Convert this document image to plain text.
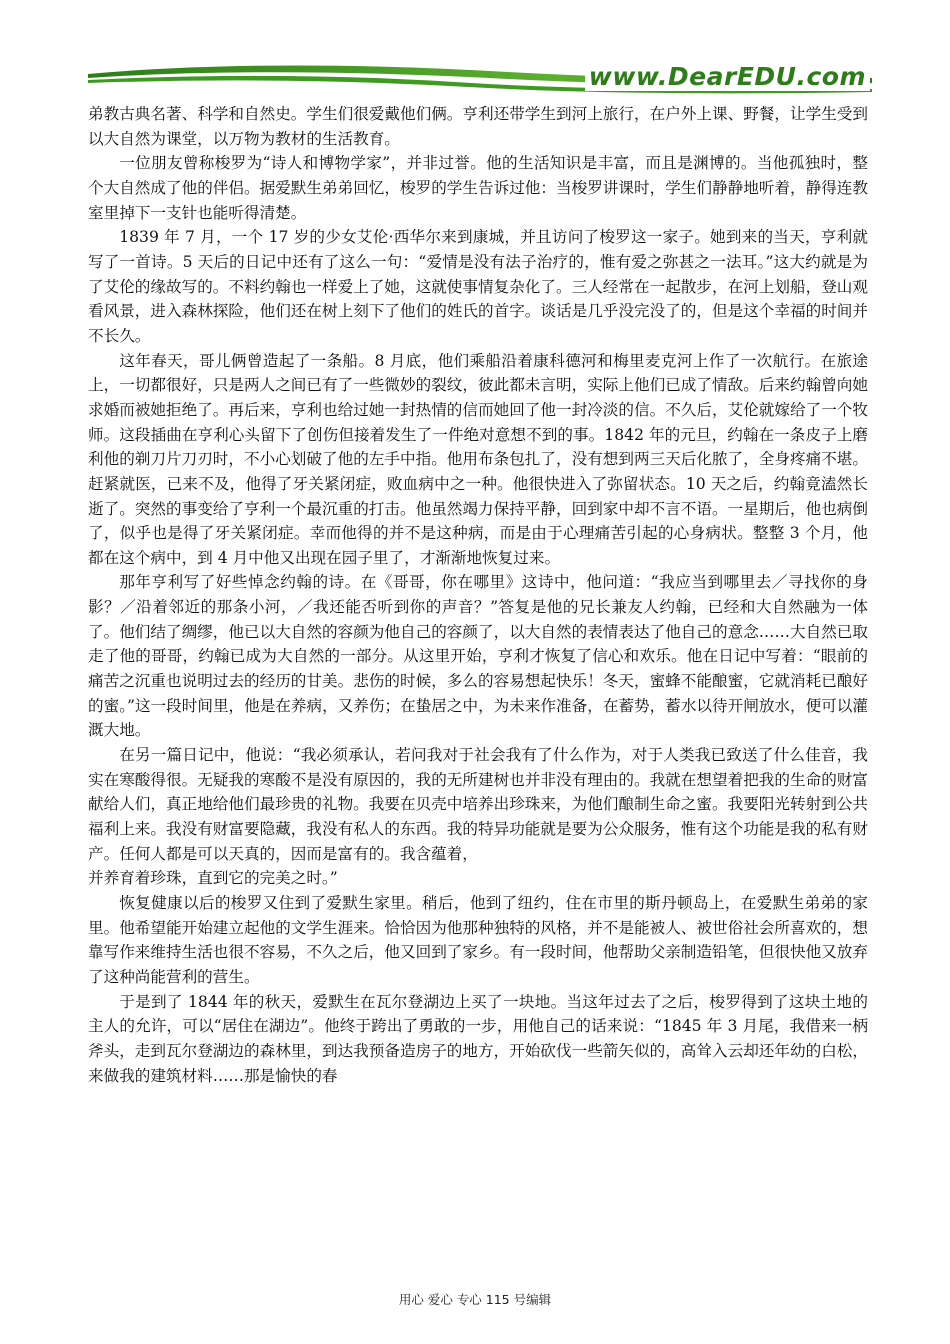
www.DearEDU.com

弟教古典名著、科学和自然史。学生们很爱戴他们俩。亨利还带学生到河上旅行，在户外上课、野餐，让学生受到以大自然为课堂，以万物为教材的生活教育。

一位朋友曾称梭罗为“诗人和博物学家”，并非过誉。他的生活知识是丰富，而且是渊博的。当他孤独时，整个大自然成了他的伴侣。据爱默生弟弟回忆，梭罗的学生告诉过他：当梭罗讲课时，学生们静静地听着，静得连教室里掉下一支针也能听得清楚。

1839 年 7 月，一个 17 岁的少女艾伦·西华尔来到康城，并且访问了梭罗这一家子。她到来的当天，亨利就写了一首诗。5 天后的日记中还有了这么一句：“爱情是没有法子治疗的，惟有爱之弥甚之一法耳。”这大约就是为了艾伦的缘故写的。不料约翰也一样爱上了她，这就使事情复杂化了。三人经常在一起散步，在河上划船，登山观看风景，进入森林探险，他们还在树上刻下了他们的姓氏的首字。谈话是几乎没完没了的，但是这个幸福的时间并不长久。

这年春天，哥儿俩曾造起了一条船。8 月底，他们乘船沿着康科德河和梅里麦克河上作了一次航行。在旅途上，一切都很好，只是两人之间已有了一些微妙的裂纹，彼此都未言明，实际上他们已成了情敌。后来约翰曾向她求婚而被她拒绝了。再后来，亨利也给过她一封热情的信而她回了他一封冷淡的信。不久后，艾伦就嫁给了一个牧师。这段插曲在亨利心头留下了创伤但接着发生了一件绝对意想不到的事。1842 年的元旦，约翰在一条皮子上磨利他的剃刀片刀刃时，不小心划破了他的左手中指。他用布条包扎了，没有想到两三天后化脓了，全身疼痛不堪。赶紧就医，已来不及，他得了牙关紧闭症，败血病中之一种。他很快进入了弥留状态。10 天之后，约翰竟溘然长逝了。突然的事变给了亨利一个最沉重的打击。他虽然竭力保持平静，回到家中却不言不语。一星期后，他也病倒了，似乎也是得了牙关紧闭症。幸而他得的并不是这种病，而是由于心理痛苦引起的心身病状。整整 3 个月，他都在这个病中，到 4 月中他又出现在园子里了，才渐渐地恢复过来。

那年亨利写了好些悼念约翰的诗。在《哥哥，你在哪里》这诗中，他问道：“我应当到哪里去／寻找你的身影？／沿着邻近的那条小河，／我还能否听到你的声音？”答复是他的兄长兼友人约翰，已经和大自然融为一体了。他们结了绸缪，他已以大自然的容颜为他自己的容颜了，以大自然的表情表达了他自己的意念……大自然已取走了他的哥哥，约翰已成为大自然的一部分。从这里开始，亨利才恢复了信心和欢乐。他在日记中写着：“眼前的痛苦之沉重也说明过去的经历的甘美。悲伤的时候，多么的容易想起快乐！冬天，蜜蜂不能酿蜜，它就消耗已酿好的蜜。”这一段时间里，他是在养病，又养伤；在蛰居之中，为未来作准备，在蓄势，蓄水以待开闸放水，便可以灌溉大地。

在另一篇日记中，他说：“我必须承认，若问我对于社会我有了什么作为，对于人类我已致送了什么佳音，我实在寒酸得很。无疑我的寒酸不是没有原因的，我的无所建树也并非没有理由的。我就在想望着把我的生命的财富献给人们，真正地给他们最珍贵的礼物。我要在贝壳中培养出珍珠来，为他们酿制生命之蜜。我要阳光转射到公共福利上来。我没有财富要隐藏，我没有私人的东西。我的特异功能就是要为公众服务，惟有这个功能是我的私有财产。任何人都是可以天真的，因而是富有的。我含蕴着，

并养育着珍珠，直到它的完美之时。”

恢复健康以后的梭罗又住到了爱默生家里。稍后，他到了纽约，住在市里的斯丹顿岛上，在爱默生弟弟的家里。他希望能开始建立起他的文学生涯来。恰恰因为他那种独特的风格，并不是能被人、被世俗社会所喜欢的，想靠写作来维持生活也很不容易，不久之后，他又回到了家乡。有一段时间，他帮助父亲制造铅笔，但很快他又放弃了这种尚能营利的营生。

于是到了 1844 年的秋天，爱默生在瓦尔登湖边上买了一块地。当这年过去了之后，梭罗得到了这块土地的主人的允许，可以“居住在湖边”。他终于跨出了勇敢的一步，用他自己的话来说：“1845 年 3 月尾，我借来一柄斧头，走到瓦尔登湖边的森林里，到达我预备造房子的地方，开始砍伐一些箭矢似的，高耸入云却还年幼的白松，来做我的建筑材料……那是愉快的春

用心 爱心 专心 115 号编辑
